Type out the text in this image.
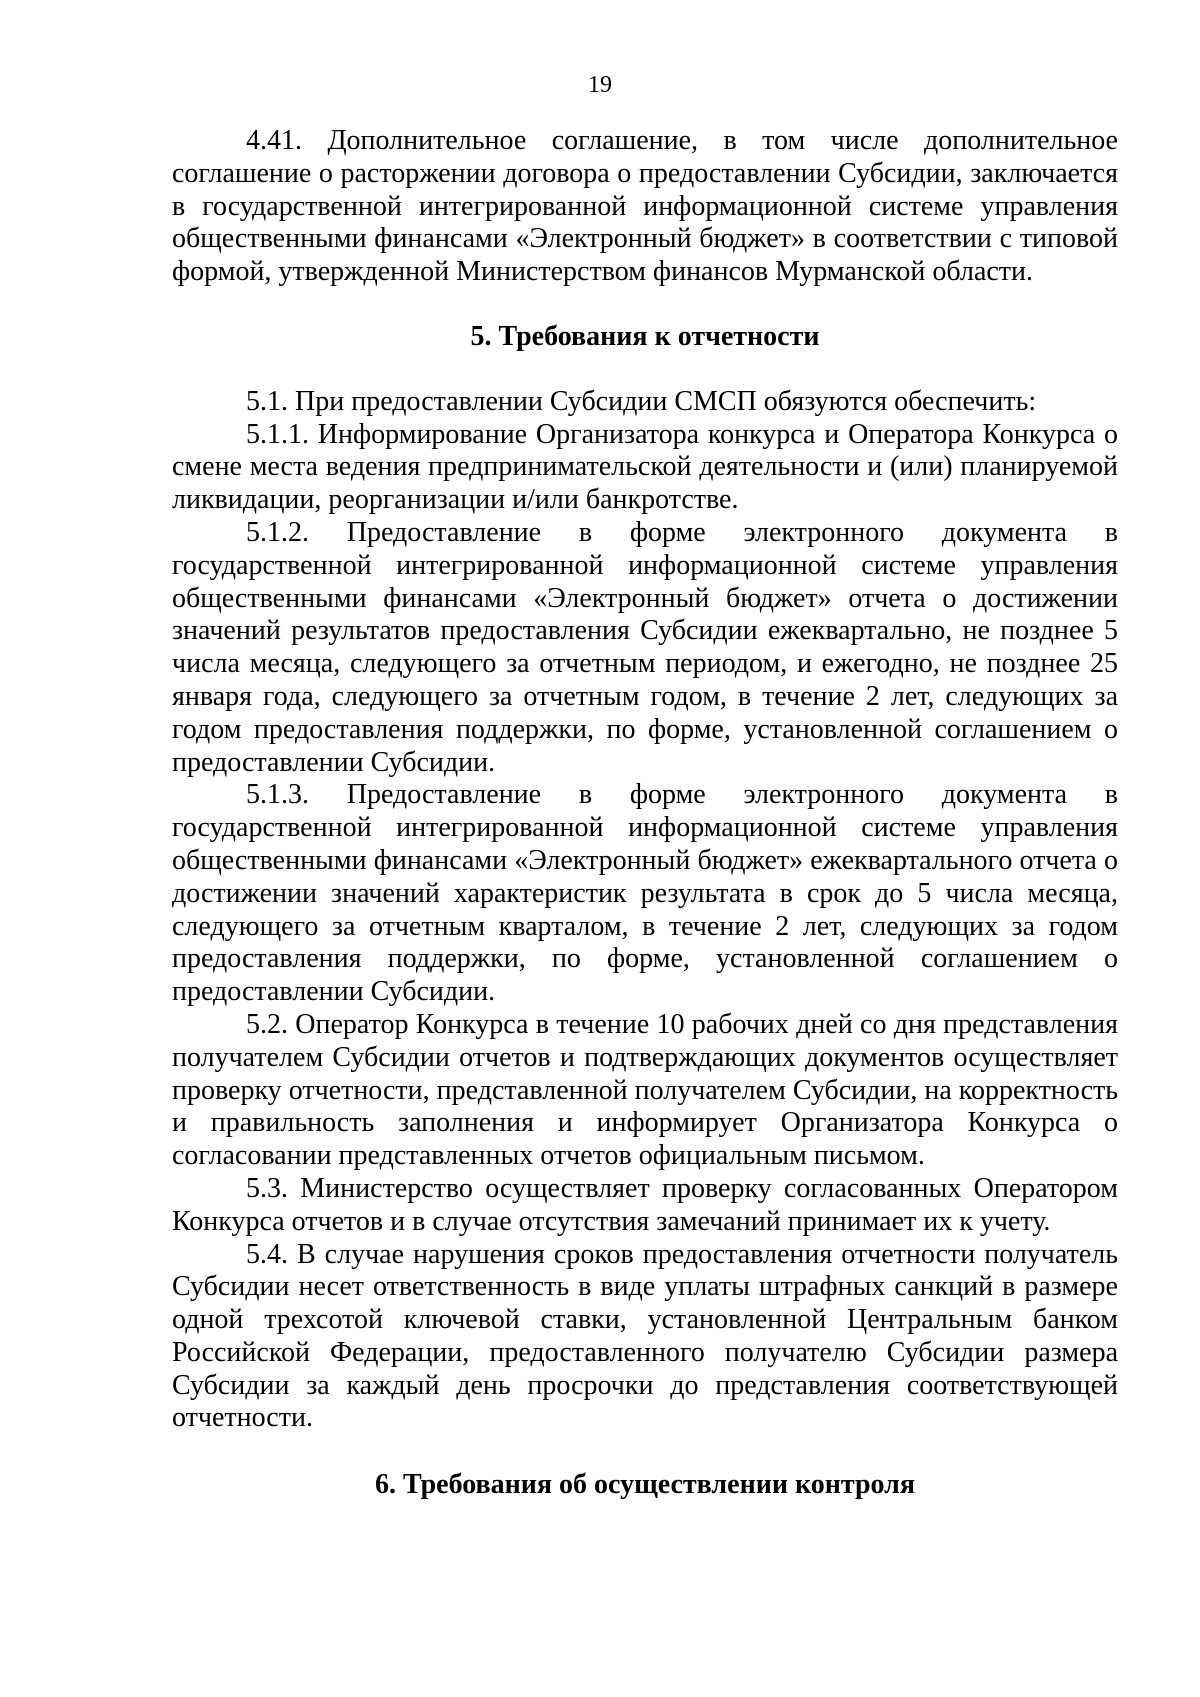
19

4.41. Дополнительное соглашение, в том числе дополнительное соглашение о расторжении договора о предоставлении Субсидии, заключается в государственной интегрированной информационной системе управления общественными финансами «Электронный бюджет» в соответствии с типовой формой, утвержденной Министерством финансов Мурманской области.

5. Требования к отчетности

5.1. При предоставлении Субсидии СМСП обязуются обеспечить:

5.1.1. Информирование Организатора конкурса и Оператора Конкурса о смене места ведения предпринимательской деятельности и (или) планируемой ликвидации, реорганизации и/или банкротстве.

5.1.2. Предоставление в форме электронного документа в государственной интегрированной информационной системе управления общественными финансами «Электронный бюджет» отчета о достижении значений результатов предоставления Субсидии ежеквартально, не позднее 5 числа месяца, следующего за отчетным периодом, и ежегодно, не позднее 25 января года, следующего за отчетным годом, в течение 2 лет, следующих за годом предоставления поддержки, по форме, установленной соглашением о предоставлении Субсидии.

5.1.3. Предоставление в форме электронного документа в государственной интегрированной информационной системе управления общественными финансами «Электронный бюджет» ежеквартального отчета о достижении значений характеристик результата в срок до 5 числа месяца, следующего за отчетным кварталом, в течение 2 лет, следующих за годом предоставления поддержки, по форме, установленной соглашением о предоставлении Субсидии.

5.2. Оператор Конкурса в течение 10 рабочих дней со дня представления получателем Субсидии отчетов и подтверждающих документов осуществляет проверку отчетности, представленной получателем Субсидии, на корректность и правильность заполнения и информирует Организатора Конкурса о согласовании представленных отчетов официальным письмом.

5.3. Министерство осуществляет проверку согласованных Оператором Конкурса отчетов и в случае отсутствия замечаний принимает их к учету.

5.4. В случае нарушения сроков предоставления отчетности получатель Субсидии несет ответственность в виде уплаты штрафных санкций в размере одной трехсотой ключевой ставки, установленной Центральным банком Российской Федерации, предоставленного получателю Субсидии размера Субсидии за каждый день просрочки до представления соответствующей отчетности.

6. Требования об осуществлении контроля
